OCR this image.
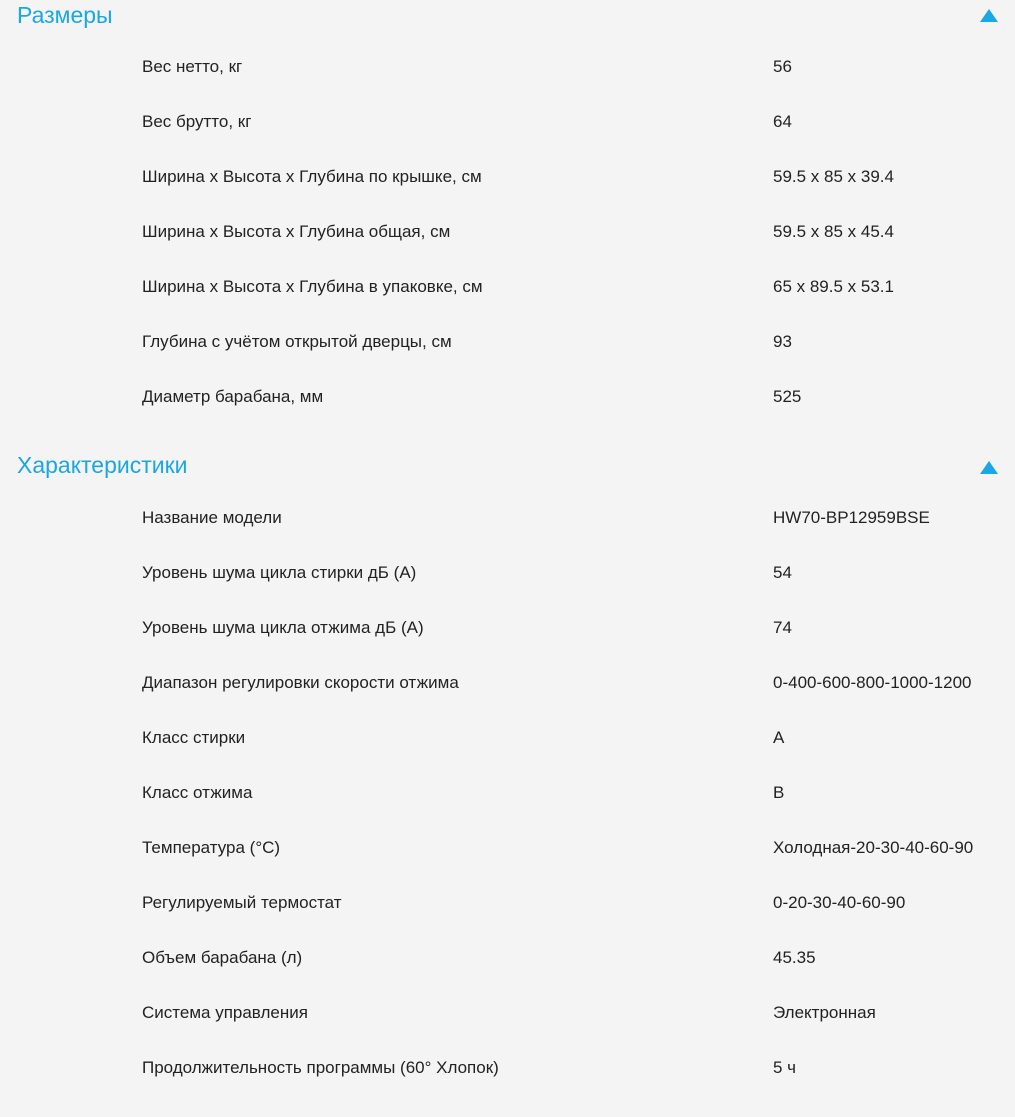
Размеры
Вес нетто, кг	56
Вес брутто, кг	64
Ширина x Высота x Глубина по крышке, см	59.5 x 85 x 39.4
Ширина x Высота x Глубина общая, см	59.5 x 85 x 45.4
Ширина x Высота x Глубина в упаковке, см	65 x 89.5 x 53.1
Глубина с учётом открытой дверцы, см	93
Диаметр барабана, мм	525
Характеристики
Название модели	HW70-BP12959BSE
Уровень шума цикла стирки дБ (А)	54
Уровень шума цикла отжима дБ (А)	74
Диапазон регулировки скорости отжима	0-400-600-800-1000-1200
Класс стирки	A
Класс отжима	B
Температура (°C)	Холодная-20-30-40-60-90
Регулируемый термостат	0-20-30-40-60-90
Объем барабана (л)	45.35
Система управления	Электронная
Продолжительность программы (60° Хлопок)	5 ч
